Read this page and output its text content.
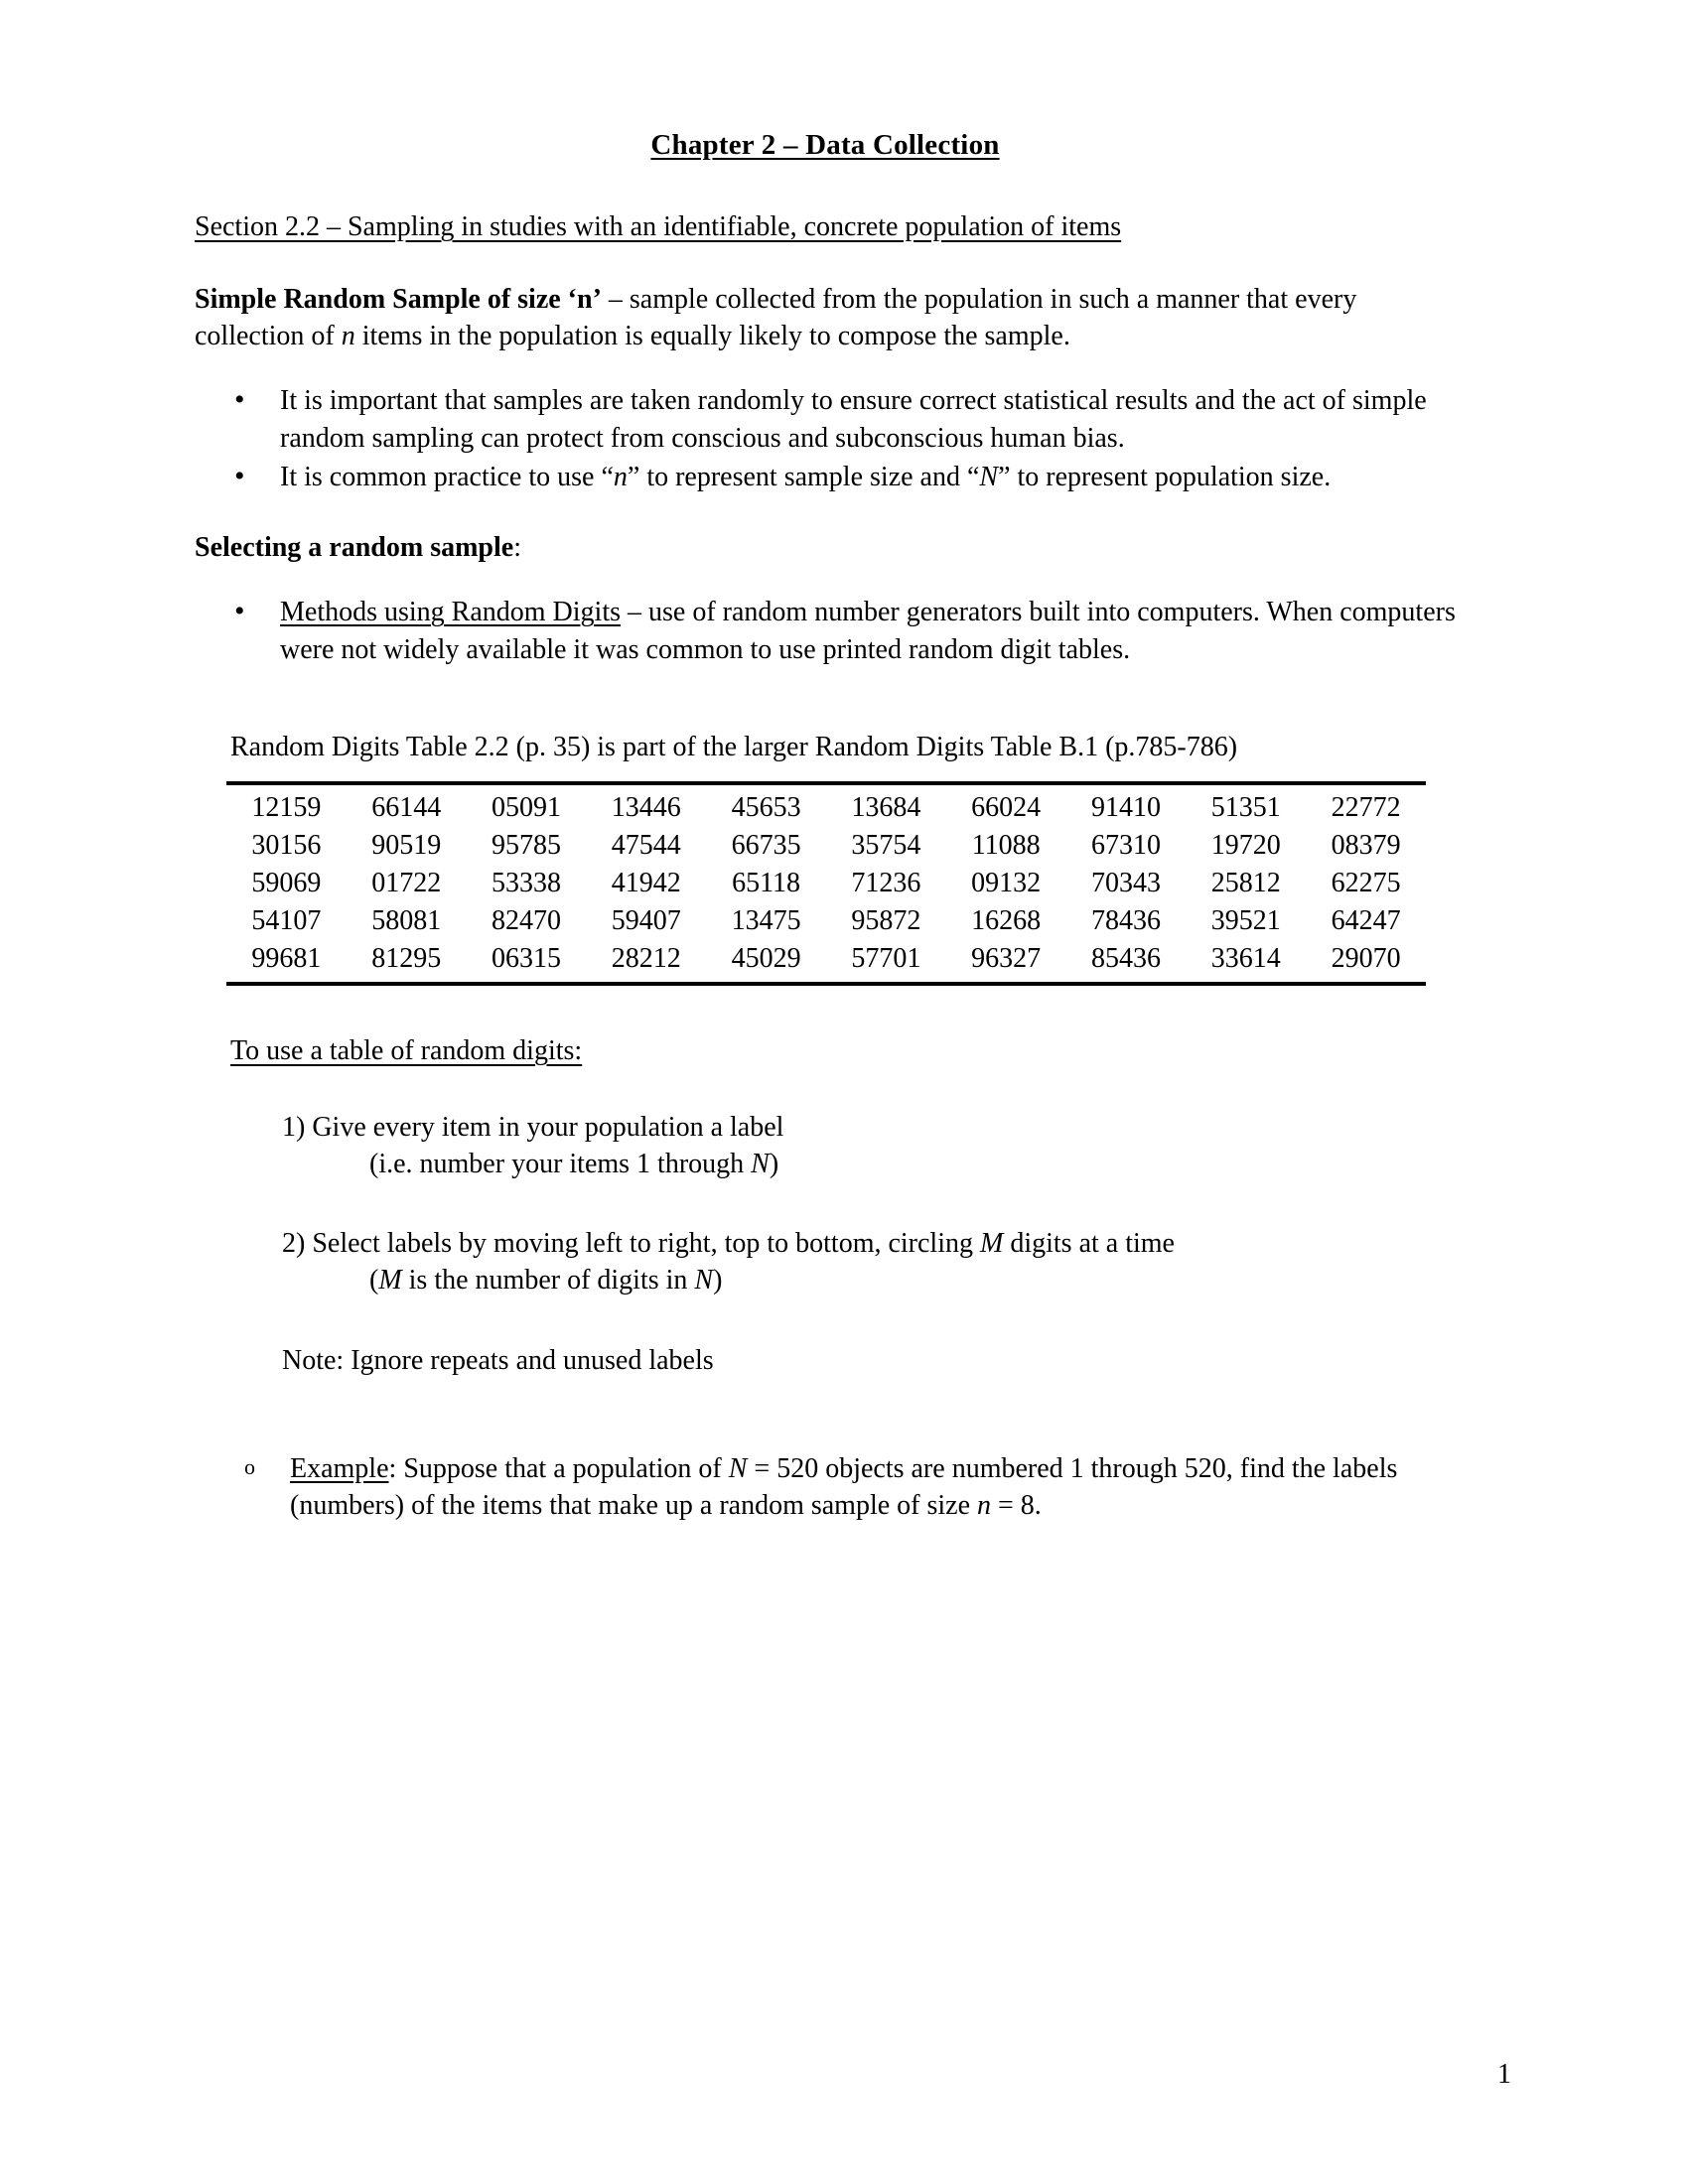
Chapter 2 – Data Collection
Section 2.2 – Sampling in studies with an identifiable, concrete population of items
Simple Random Sample of size ‘n’ – sample collected from the population in such a manner that every collection of n items in the population is equally likely to compose the sample.
• It is important that samples are taken randomly to ensure correct statistical results and the act of simple random sampling can protect from conscious and subconscious human bias.
• It is common practice to use “n” to represent sample size and “N” to represent population size.
Selecting a random sample:
• Methods using Random Digits – use of random number generators built into computers. When computers were not widely available it was common to use printed random digit tables.
Random Digits Table 2.2 (p. 35) is part of the larger Random Digits Table B.1 (p.785-786)
12159	66144	05091	13446	45653	13684	66024	91410	51351	22772
30156	90519	95785	47544	66735	35754	11088	67310	19720	08379
59069	01722	53338	41942	65118	71236	09132	70343	25812	62275
54107	58081	82470	59407	13475	95872	16268	78436	39521	64247
99681	81295	06315	28212	45029	57701	96327	85436	33614	29070
To use a table of random digits:
1) Give every item in your population a label
(i.e. number your items 1 through N)
2) Select labels by moving left to right, top to bottom, circling M digits at a time
(M is the number of digits in N)
Note: Ignore repeats and unused labels
o Example: Suppose that a population of N = 520 objects are numbered 1 through 520, find the labels (numbers) of the items that make up a random sample of size n = 8.
1
